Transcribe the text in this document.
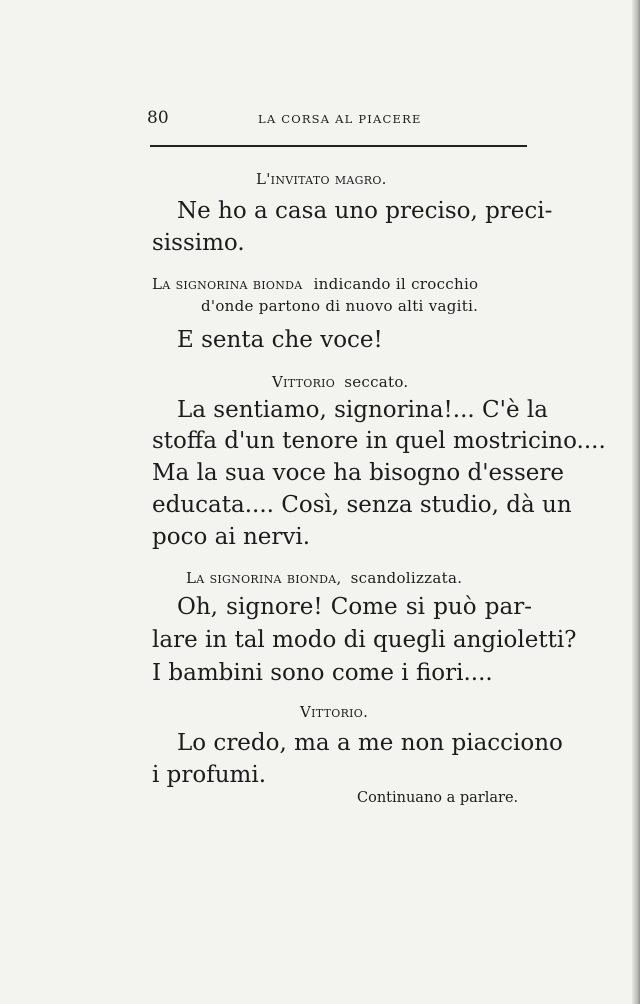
80	LA CORSA AL PIACERE
L'invitato magro.
Ne ho a casa uno preciso, preci-
sissimo.
La signorina bionda indicando il crocchio
d'onde partono di nuovo alti vagiti.
E senta che voce!
Vittorio seccato.
La sentiamo, signorina!... C'è la
stoffa d'un tenore in quel mostricino....
Ma la sua voce ha bisogno d'essere
educata.... Così, senza studio, dà un
poco ai nervi.
La signorina bionda, scandolizzata.
Oh, signore! Come si può par-
lare in tal modo di quegli angioletti?
I bambini sono come i fiori....
Vittorio.
Lo credo, ma a me non piacciono
i profumi.
Continuano a parlare.
